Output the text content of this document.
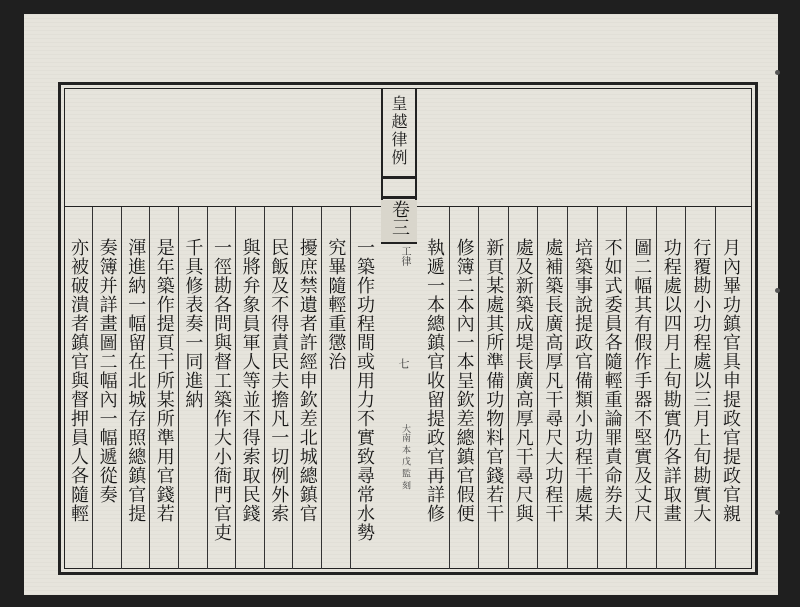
皇越律例
卷三
工律
七
大南 本 戊 監 刻
一築作功程間或用力不實致尋常水勢
究畢隨輕重懲治
擾庶禁遺者許經申欽差北城總鎮官
民飯及不得責民夫擔凡一切例外索
與將弁象員軍人等並不得索取民錢
一徑勘各問與督工築作大小衙門官吏
千具修表奏一同進納
是年築作提頁干所某所準用官錢若
渾進納一幅留在北城存照總鎮官提
奏簿并詳畫圖二幅內一幅遞從奏
亦被破潰者鎮官與督押員人各隨輕	執遞一本總鎮官收留提政官再詳修 修簿二本內一本呈欽差總鎮官假便 新頁某處其所準備功物料官錢若干 處及新築成堤長廣高厚凡干尋尺與 處補築長廣高厚凡干尋尺大功程干 培築事說提政官備類小功程干處某 不如式委員各隨輕重論罪責命券夫 圖二幅其有假作手器不堅實及丈尺 功程處以四月上旬勘實仍各詳取畫 行覆勘小功程處以三月上旬勘實大 月內畢功鎮官具申提政官提政官親
